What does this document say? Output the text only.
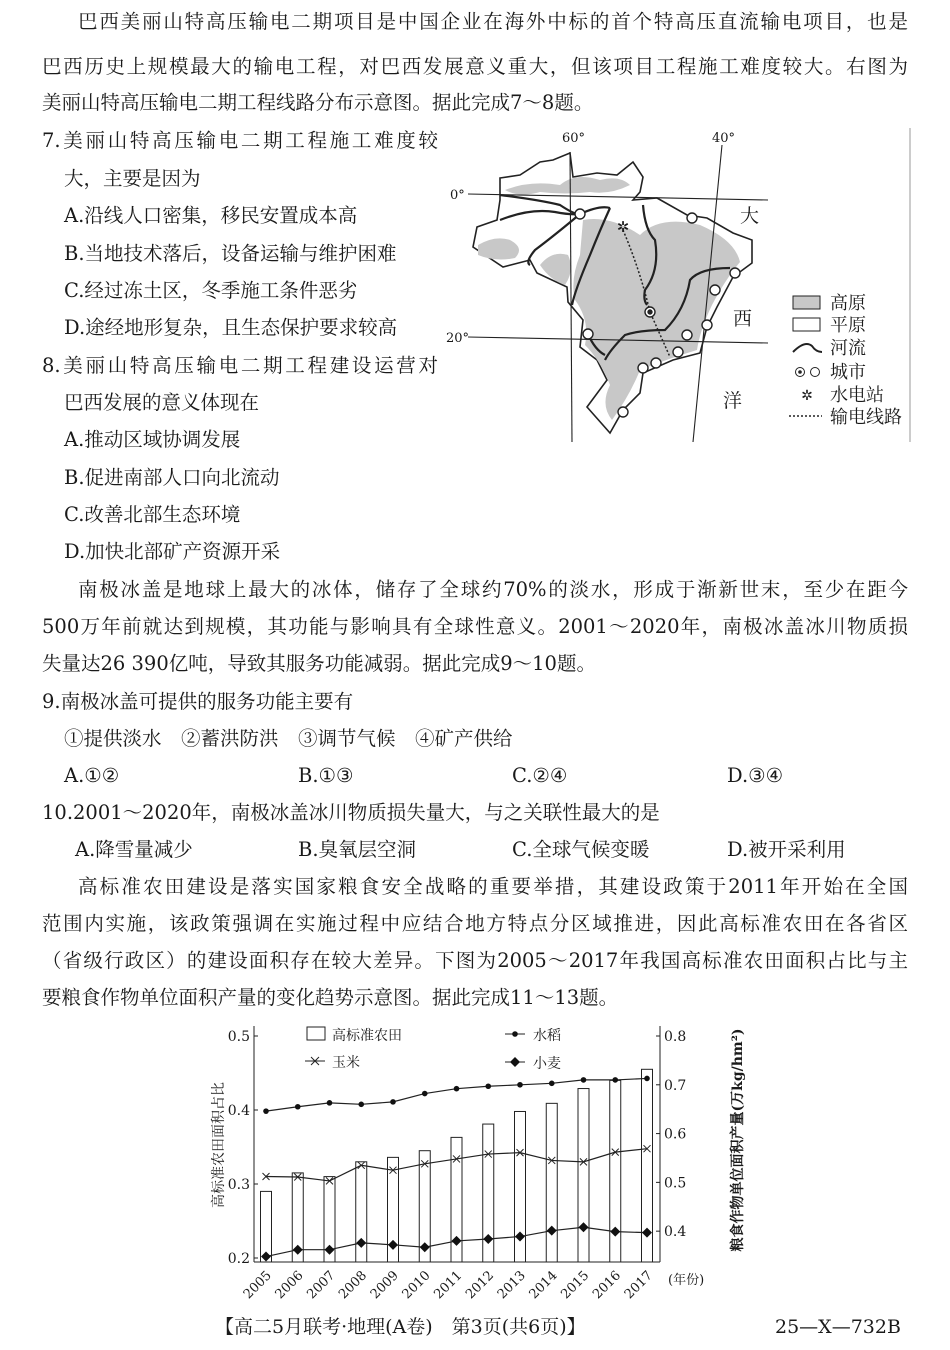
巴西美丽山特高压输电二期项目是中国企业在海外中标的首个特高压直流输电项目，也是
巴西历史上规模最大的输电工程，对巴西发展意义重大，但该项目工程施工难度较大。右图为
美丽山特高压输电二期工程线路分布示意图。据此完成7～8题。
7.美丽山特高压输电二期工程施工难度较
大，主要是因为
A.沿线人口密集，移民安置成本高
B.当地技术落后，设备运输与维护困难
C.经过冻土区，冬季施工条件恶劣
D.途经地形复杂，且生态保护要求较高
8.美丽山特高压输电二期工程建设运营对
巴西发展的意义体现在
A.推动区域协调发展
B.促进南部人口向北流动
C.改善北部生态环境
D.加快北部矿产资源开采
✲
60°	40°
0°
20°
大
西
洋	✲
高原
平原
河流
城市
水电站
输电线路
南极冰盖是地球上最大的冰体，储存了全球约70%的淡水，形成于渐新世末，至少在距今
500万年前就达到规模，其功能与影响具有全球性意义。2001～2020年，南极冰盖冰川物质损
失量达26 390亿吨，导致其服务功能减弱。据此完成9～10题。
9.南极冰盖可提供的服务功能主要有
①提供淡水　②蓄洪防洪　③调节气候　④矿产供给
A.①②	B.①③	C.②④	D.③④
10.2001～2020年，南极冰盖冰川物质损失量大，与之关联性最大的是
A.降雪量减少	B.臭氧层空洞	C.全球气候变暖	D.被开采利用
高标准农田建设是落实国家粮食安全战略的重要举措，其建设政策于2011年开始在全国
范围内实施，该政策强调在实施过程中应结合地方特点分区域推进，因此高标准农田在各省区
（省级行政区）的建设面积存在较大差异。下图为2005～2017年我国高标准农田面积占比与主
要粮食作物单位面积产量的变化趋势示意图。据此完成11～13题。
0.2
0.3
0.4
0.5
0.4
0.5
0.6
0.7
0.8
2005
2006
2007
2008
2009
2010
2011
2012
2013
2014
2015
2016
2017 (年份)
高标准农田面积占比	粮食作物单位面积产量(万kg/hm²)
高标准农田	水稻
玉米	小麦
【高二5月联考·地理(A卷)　第3页(共6页)】	25—X—732B
